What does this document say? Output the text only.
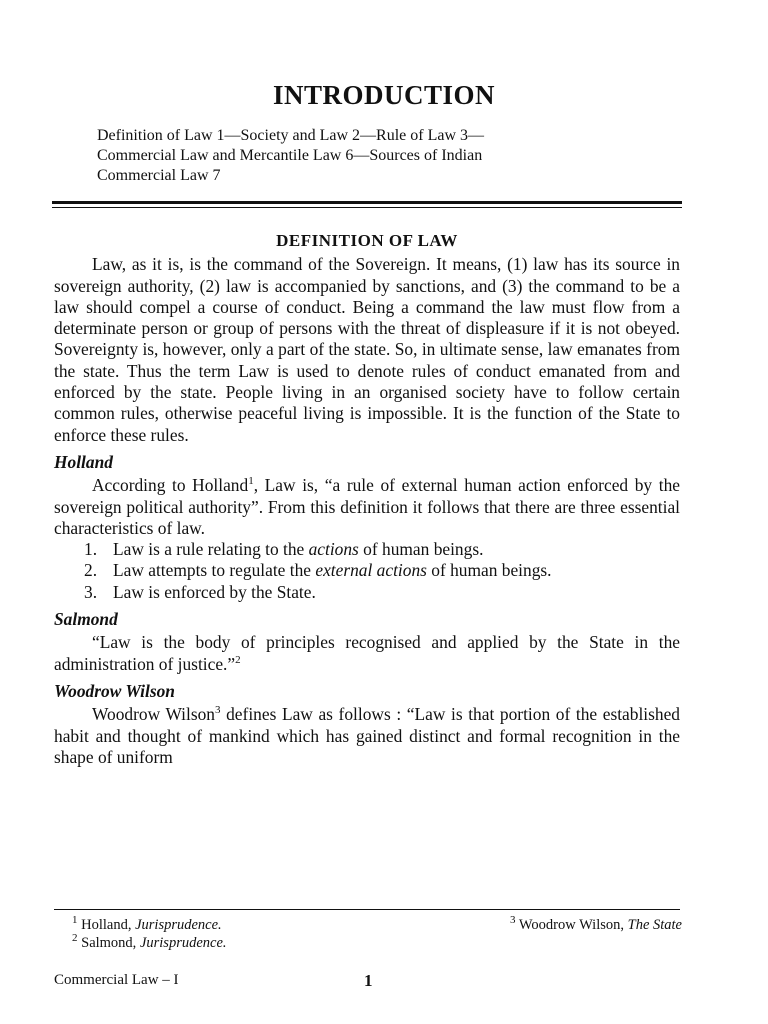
INTRODUCTION
Definition of Law 1—Society and Law 2—Rule of Law 3—
Commercial Law and Mercantile Law 6—Sources of Indian
Commercial Law 7
DEFINITION OF LAW

Law, as it is, is the command of the Sovereign. It means, (1) law has its source in sovereign authority, (2) law is accompanied by sanctions, and (3) the command to be a law should compel a course of conduct. Being a command the law must flow from a determinate person or group of persons with the threat of displeasure if it is not obeyed. Sovereignty is, however, only a part of the state. So, in ultimate sense, law emanates from the state. Thus the term Law is used to denote rules of conduct emanated from and enforced by the state. People living in an organised society have to follow certain common rules, otherwise peaceful living is impossible. It is the function of the State to enforce these rules.

Holland

According to Holland$^1$, Law is, “a rule of external human action enforced by the sovereign political authority”. From this definition it follows that there are three essential characteristics of law.

1. Law is a rule relating to the actions of human beings.
2. Law attempts to regulate the external actions of human beings.
3. Law is enforced by the State.
Salmond

“Law is the body of principles recognised and applied by the State in the administration of justice.”$^2$

Woodrow Wilson

Woodrow Wilson$^3$ defines Law as follows : “Law is that portion of the established habit and thought of mankind which has gained distinct and formal recognition in the shape of uniform

$^1$ Holland, Jurisprudence.
$^2$ Salmond, Jurisprudence.
$^3$ Woodrow Wilson, The State
Commercial Law – I	1
